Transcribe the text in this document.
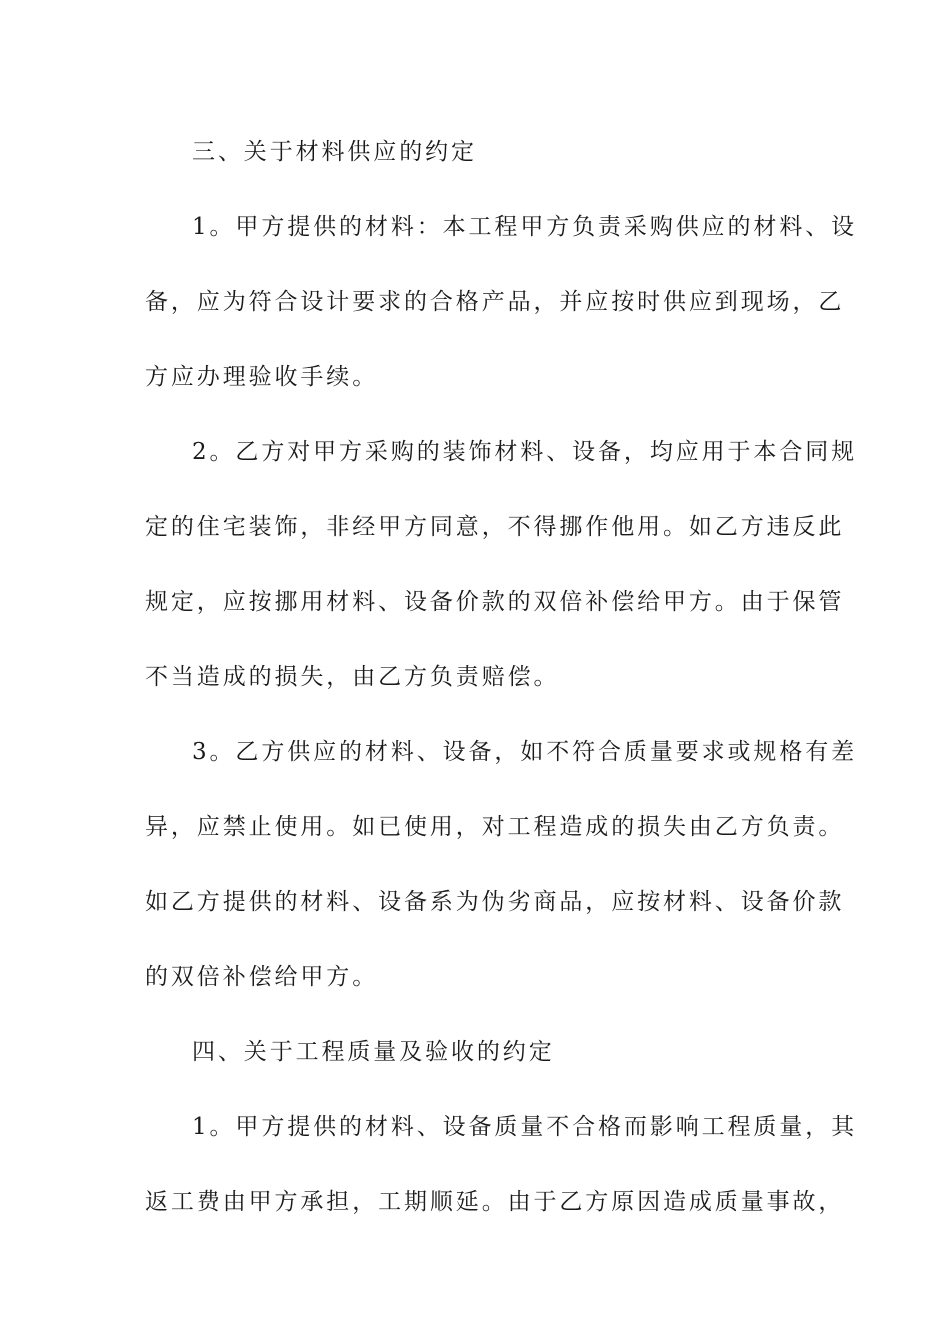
三、关于材料供应的约定
1。甲方提供的材料：本工程甲方负责采购供应的材料、设
备，应为符合设计要求的合格产品，并应按时供应到现场，乙
方应办理验收手续。
2。乙方对甲方采购的装饰材料、设备，均应用于本合同规
定的住宅装饰，非经甲方同意，不得挪作他用。如乙方违反此
规定，应按挪用材料、设备价款的双倍补偿给甲方。由于保管
不当造成的损失，由乙方负责赔偿。
3。乙方供应的材料、设备，如不符合质量要求或规格有差
异，应禁止使用。如已使用，对工程造成的损失由乙方负责。
如乙方提供的材料、设备系为伪劣商品，应按材料、设备价款
的双倍补偿给甲方。
四、关于工程质量及验收的约定
1。甲方提供的材料、设备质量不合格而影响工程质量，其
返工费由甲方承担，工期顺延。由于乙方原因造成质量事故，
